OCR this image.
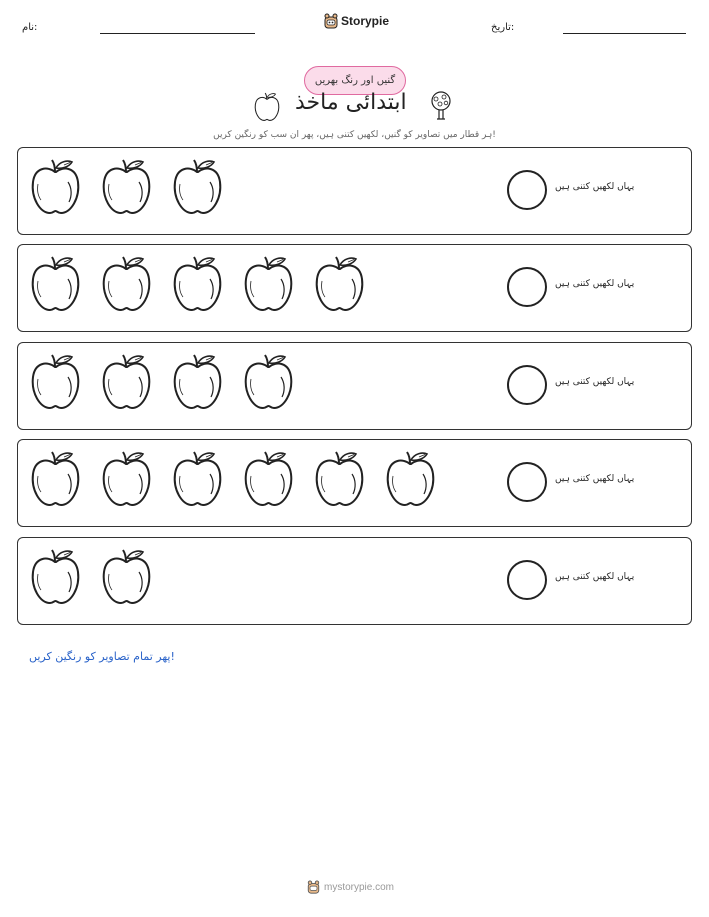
نام:	Storypie	تاریخ:
گنیں اور رنگ بھریں
ابتدائی ماخذ
ہر قطار میں تصاویر کو گنیں، لکھیں کتنی ہیں، پھر ان سب کو رنگین کریں!
یہاں لکھیں کتنی ہیں
یہاں لکھیں کتنی ہیں
یہاں لکھیں کتنی ہیں
یہاں لکھیں کتنی ہیں
یہاں لکھیں کتنی ہیں
پھر تمام تصاویر کو رنگین کریں!
mystorypie.com
